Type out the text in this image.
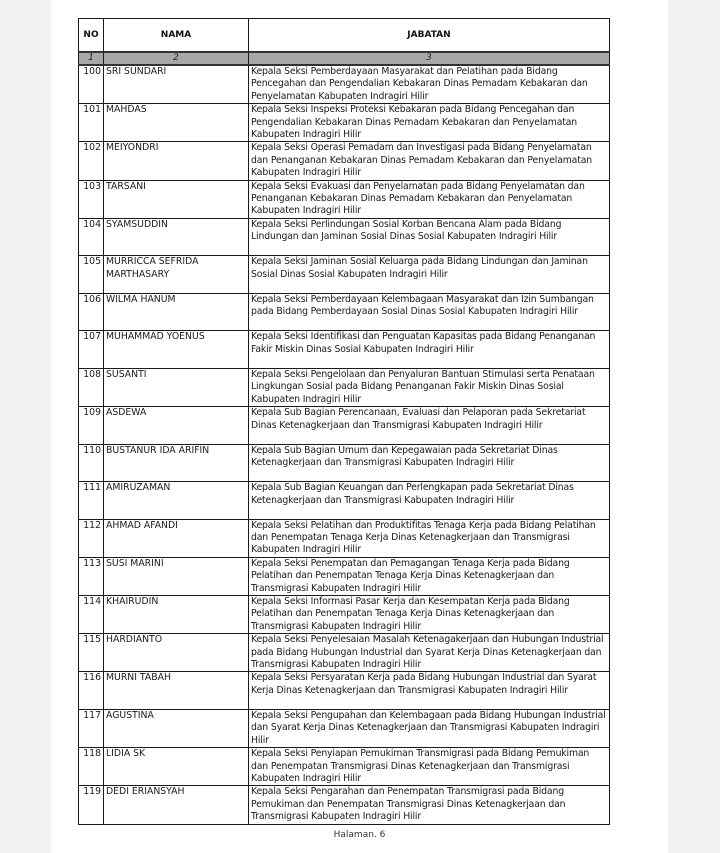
NO	NAMA	JABATAN
1	2	3
100	SRI SUNDARI	Kepala Seksi Pemberdayaan Masyarakat dan Pelatihan pada Bidang Pencegahan dan Pengendalian Kebakaran Dinas Pemadam Kebakaran dan Penyelamatan Kabupaten Indragiri Hilir
101	MAHDAS	Kepala Seksi Inspeksi Proteksi Kebakaran pada Bidang Pencegahan dan Pengendalian Kebakaran Dinas Pemadam Kebakaran dan Penyelamatan Kabupaten Indragiri Hilir
102	MEIYONDRI	Kepala Seksi Operasi Pemadam dan Investigasi pada Bidang Penyelamatan dan Penanganan Kebakaran Dinas Pemadam Kebakaran dan Penyelamatan Kabupaten Indragiri Hilir
103	TARSANI	Kepala Seksi Evakuasi dan Penyelamatan pada Bidang Penyelamatan dan Penanganan Kebakaran Dinas Pemadam Kebakaran dan Penyelamatan Kabupaten Indragiri Hilir
104	SYAMSUDDIN	Kepala Seksi Perlindungan Sosial Korban Bencana Alam pada Bidang Lindungan dan Jaminan Sosial Dinas Sosial Kabupaten Indragiri Hilir
105	MURRICCA SEFRIDA MARTHASARY	Kepala Seksi Jaminan Sosial Keluarga pada Bidang Lindungan dan Jaminan Sosial Dinas Sosial Kabupaten Indragiri Hilir
106	WILMA HANUM	Kepala Seksi Pemberdayaan Kelembagaan Masyarakat dan Izin Sumbangan pada Bidang Pemberdayaan Sosial Dinas Sosial Kabupaten Indragiri Hilir
107	MUHAMMAD YOENUS	Kepala Seksi Identifikasi dan Penguatan Kapasitas pada Bidang Penanganan Fakir Miskin Dinas Sosial Kabupaten Indragiri Hilir
108	SUSANTI	Kepala Seksi Pengelolaan dan Penyaluran Bantuan Stimulasi serta Penataan Lingkungan Sosial pada Bidang Penanganan Fakir Miskin Dinas Sosial Kabupaten Indragiri Hilir
109	ASDEWA	Kepala Sub Bagian Perencanaan, Evaluasi dan Pelaporan pada Sekretariat Dinas Ketenagkerjaan dan Transmigrasi Kabupaten Indragiri Hilir
110	BUSTANUR IDA ARIFIN	Kepala Sub Bagian Umum dan Kepegawaian pada Sekretariat Dinas Ketenagkerjaan dan Transmigrasi Kabupaten Indragiri Hilir
111	AMIRUZAMAN	Kepala Sub Bagian Keuangan dan Perlengkapan pada Sekretariat Dinas Ketenagkerjaan dan Transmigrasi Kabupaten Indragiri Hilir
112	AHMAD AFANDI	Kepala Seksi Pelatihan dan Produktifitas Tenaga Kerja pada Bidang Pelatihan dan Penempatan Tenaga Kerja Dinas Ketenagkerjaan dan Transmigrasi Kabupaten Indragiri Hilir
113	SUSI MARINI	Kepala Seksi Penempatan dan Pemagangan Tenaga Kerja pada Bidang Pelatihan dan Penempatan Tenaga Kerja Dinas Ketenagkerjaan dan Transmigrasi Kabupaten Indragiri Hilir
114	KHAIRUDIN	Kepala Seksi Informasi Pasar Kerja dan Kesempatan Kerja pada Bidang Pelatihan dan Penempatan Tenaga Kerja Dinas Ketenagkerjaan dan Transmigrasi Kabupaten Indragiri Hilir
115	HARDIANTO	Kepala Seksi Penyelesaian Masalah Ketenagakerjaan dan Hubungan Industrial pada Bidang Hubungan Industrial dan Syarat Kerja Dinas Ketenagkerjaan dan Transmigrasi Kabupaten Indragiri Hilir
116	MURNI TABAH	Kepala Seksi Persyaratan Kerja pada Bidang Hubungan Industrial dan Syarat Kerja Dinas Ketenagkerjaan dan Transmigrasi Kabupaten Indragiri Hilir
117	AGUSTINA	Kepala Seksi Pengupahan dan Kelembagaan pada Bidang Hubungan Industrial dan Syarat Kerja Dinas Ketenagkerjaan dan Transmigrasi Kabupaten Indragiri Hilir
118	LIDIA SK	Kepala Seksi Penyiapan Pemukiman Transmigrasi pada Bidang Pemukiman dan Penempatan Transmigrasi Dinas Ketenagkerjaan dan Transmigrasi Kabupaten Indragiri Hilir
119	DEDI ERIANSYAH	Kepala Seksi Pengarahan dan Penempatan Transmigrasi pada Bidang Pemukiman dan Penempatan Transmigrasi Dinas Ketenagkerjaan dan Transmigrasi Kabupaten Indragiri Hilir
Halaman. 6
